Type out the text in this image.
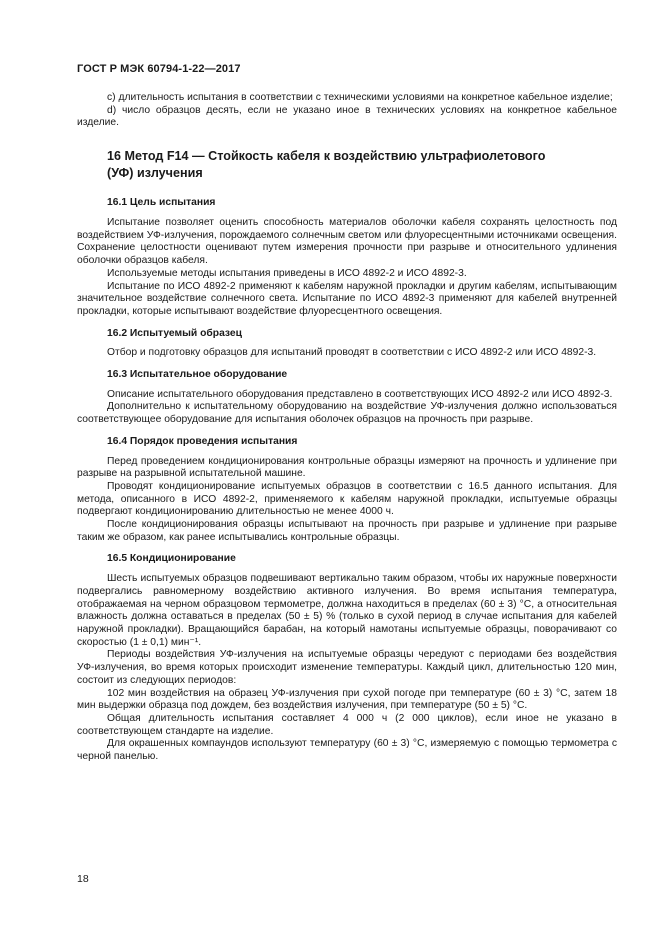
ГОСТ Р МЭК 60794-1-22—2017

c) длительность испытания в соответствии с техническими условиями на конкретное кабельное изделие;

d) число образцов десять, если не указано иное в технических условиях на конкретное кабельное изделие.

16 Метод F14 — Стойкость кабеля к воздействию ультрафиолетового
(УФ) излучения
16.1 Цель испытания

Испытание позволяет оценить способность материалов оболочки кабеля сохранять целостность под воздействием УФ-излучения, порождаемого солнечным светом или флуоресцентными источниками освещения. Сохранение целостности оценивают путем измерения прочности при разрыве и относительного удлинения оболочки образцов кабеля.

Используемые методы испытания приведены в ИСО 4892-2 и ИСО 4892-3.

Испытание по ИСО 4892-2 применяют к кабелям наружной прокладки и другим кабелям, испытывающим значительное воздействие солнечного света. Испытание по ИСО 4892-3 применяют для кабелей внутренней прокладки, которые испытывают воздействие флуоресцентного освещения.

16.2 Испытуемый образец

Отбор и подготовку образцов для испытаний проводят в соответствии с ИСО 4892-2 или ИСО 4892-3.

16.3 Испытательное оборудование

Описание испытательного оборудования представлено в соответствующих ИСО 4892-2 или ИСО 4892-3.

Дополнительно к испытательному оборудованию на воздействие УФ-излучения должно использоваться соответствующее оборудование для испытания оболочек образцов на прочность при разрыве.

16.4 Порядок проведения испытания

Перед проведением кондиционирования контрольные образцы измеряют на прочность и удлинение при разрыве на разрывной испытательной машине.

Проводят кондиционирование испытуемых образцов в соответствии с 16.5 данного испытания. Для метода, описанного в ИСО 4892-2, применяемого к кабелям наружной прокладки, испытуемые образцы подвергают кондиционированию длительностью не менее 4000 ч.

После кондиционирования образцы испытывают на прочность при разрыве и удлинение при разрыве таким же образом, как ранее испытывались контрольные образцы.

16.5 Кондиционирование

Шесть испытуемых образцов подвешивают вертикально таким образом, чтобы их наружные поверхности подвергались равномерному воздействию активного излучения. Во время испытания температура, отображаемая на черном образцовом термометре, должна находиться в пределах (60 ± 3) °C, а относительная влажность должна оставаться в пределах (50 ± 5) % (только в сухой период в случае испытания для кабелей наружной прокладки). Вращающийся барабан, на который намотаны испытуемые образцы, поворачивают со скоростью (1 ± 0,1) мин⁻¹.

Периоды воздействия УФ-излучения на испытуемые образцы чередуют с периодами без воздействия УФ-излучения, во время которых происходит изменение температуры. Каждый цикл, длительностью 120 мин, состоит из следующих периодов:

102 мин воздействия на образец УФ-излучения при сухой погоде при температуре (60 ± 3) °C, затем 18 мин выдержки образца под дождем, без воздействия излучения, при температуре (50 ± 5) °C.

Общая длительность испытания составляет 4 000 ч (2 000 циклов), если иное не указано в соответствующем стандарте на изделие.

Для окрашенных компаундов используют температуру (60 ± 3) °C, измеряемую с помощью термометра с черной панелью.

18
